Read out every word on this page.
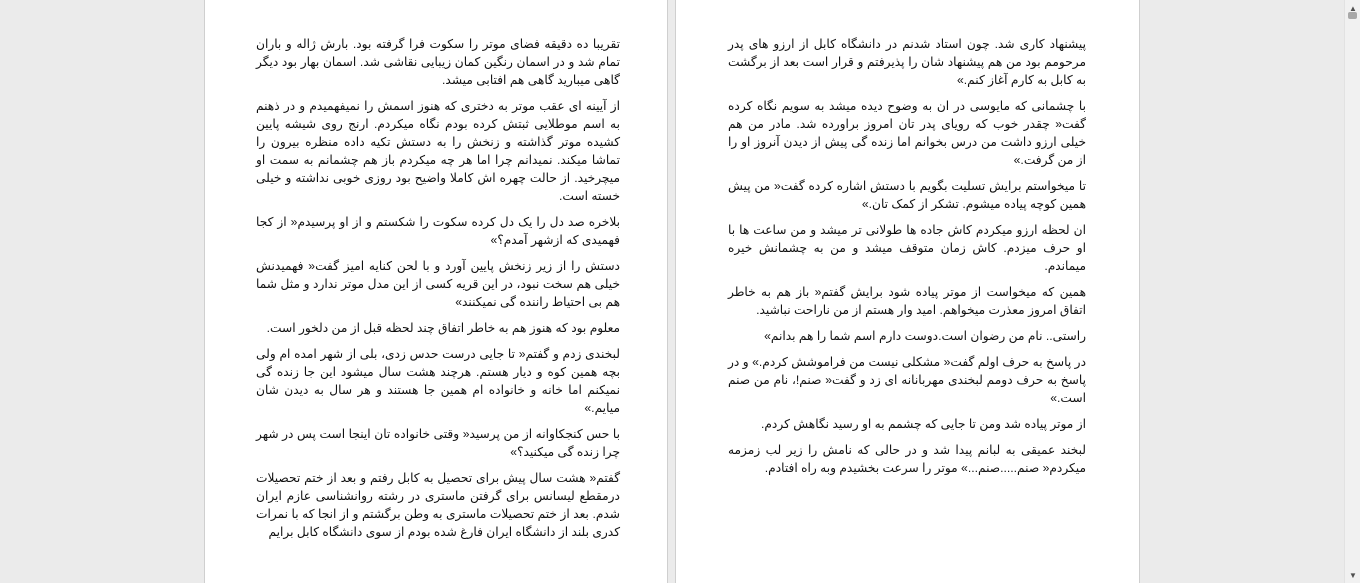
تقریبا ده دقیقه فضای موتر را سکوت فرا گرفته بود. بارش ژاله و باران تمام شد و در اسمان رنگین کمان زیبایی نقاشی شد. اسمان بهار بود دیگر گاهی میبارید گاهی هم افتابی میشد.

از آیینه ای عقب موتر به دختری که هنوز اسمش را نمیفهمیدم و در ذهنم به اسم موطلایی ثبتش کرده بودم نگاه میکردم. ارنج روی شیشه پایین کشیده موتر گذاشته و زنخش را به دستش تکیه داده منظره بیرون را تماشا میکند. نمیدانم چرا اما هر چه میکردم باز هم چشمانم به سمت او میچرخید. از حالت چهره اش کاملا واضیح بود روزی خوبی نداشته و خیلی خسته است.

بلاخره صد دل را یک دل کرده سکوت را شکستم و از او پرسیدم« از کجا فهمیدی که ازشهر آمدم؟»

دستش را از زیر زنخش پایین آورد و با لحن کنایه امیز گفت« فهمیدنش خیلی هم سخت نبود، در این قریه کسی از این مدل موتر ندارد و مثل شما هم بی احتیاط راننده گی نمیکنند»

معلوم بود که هنوز هم به خاطر اتفاق چند لحظه قبل از من دلخور است.

لبخندی زدم و گفتم« تا جایی درست حدس زدی، بلی از شهر امده ام ولی بچه همین کوه و دیار هستم. هرچند هشت سال میشود این جا زنده گی نمیکنم اما خانه و خانواده ام همین جا هستند و هر سال به دیدن شان میایم.»

با حس کنجکاوانه از من پرسید« وقتی خانواده تان اینجا است پس در شهر چرا زنده گی میکنید؟»

گفتم« هشت سال پیش برای تحصیل به کابل رفتم و بعد از ختم تحصیلات درمقطع لیسانس برای گرفتن ماستری در رشته روانشناسی عازم ایران شدم. بعد از ختم تحصیلات ماستری به وطن برگشتم و از انجا که با نمرات کدری بلند از دانشگاه ایران فارغ شده بودم از سوی دانشگاه کابل برایم

پیشنهاد کاری شد. چون استاد شدنم در دانشگاه کابل از ارزو های پدر مرحومم بود من هم پیشنهاد شان را پذیرفتم و قرار است بعد از برگشت به کابل به کارم آغاز کنم.»

با چشمانی که مایوسی در ان به وضوح دیده میشد به سویم نگاه کرده گفت« چقدر خوب که رویای پدر تان امروز براورده شد. مادر من هم خیلی ارزو داشت من درس بخوانم اما زنده گی پیش از دیدن آنروز او را از من گرفت.»

تا میخواستم برایش تسلیت بگویم با دستش اشاره کرده گفت« من پیش همین کوچه پیاده میشوم. تشکر از کمک تان.»

ان لحظه ارزو میکردم کاش جاده ها طولانی تر میشد و من ساعت ها با او حرف میزدم. کاش زمان متوقف میشد و من به چشمانش خیره میماندم.

همین که میخواست از موتر پیاده شود برایش گفتم« باز هم به خاطر اتفاق امروز معذرت میخواهم. امید وار هستم از من ناراحت نباشید.

راستی.. نام من رضوان است.دوست دارم اسم شما را هم بدانم»

در پاسخ به حرف اولم گفت« مشکلی نیست من فراموشش کردم.» و در پاسخ به حرف دومم لبخندی مهربانانه ای زد و گفت« صنم!، نام من صنم است.»

از موتر پیاده شد ومن تا جایی که چشمم به او رسید نگاهش کردم.

لبخند عمیقی به لبانم پیدا شد و در حالی که نامش را زیر لب زمزمه میکردم« صنم.....صنم...» موتر را سرعت بخشیدم وبه راه افتادم.

▲
▼
